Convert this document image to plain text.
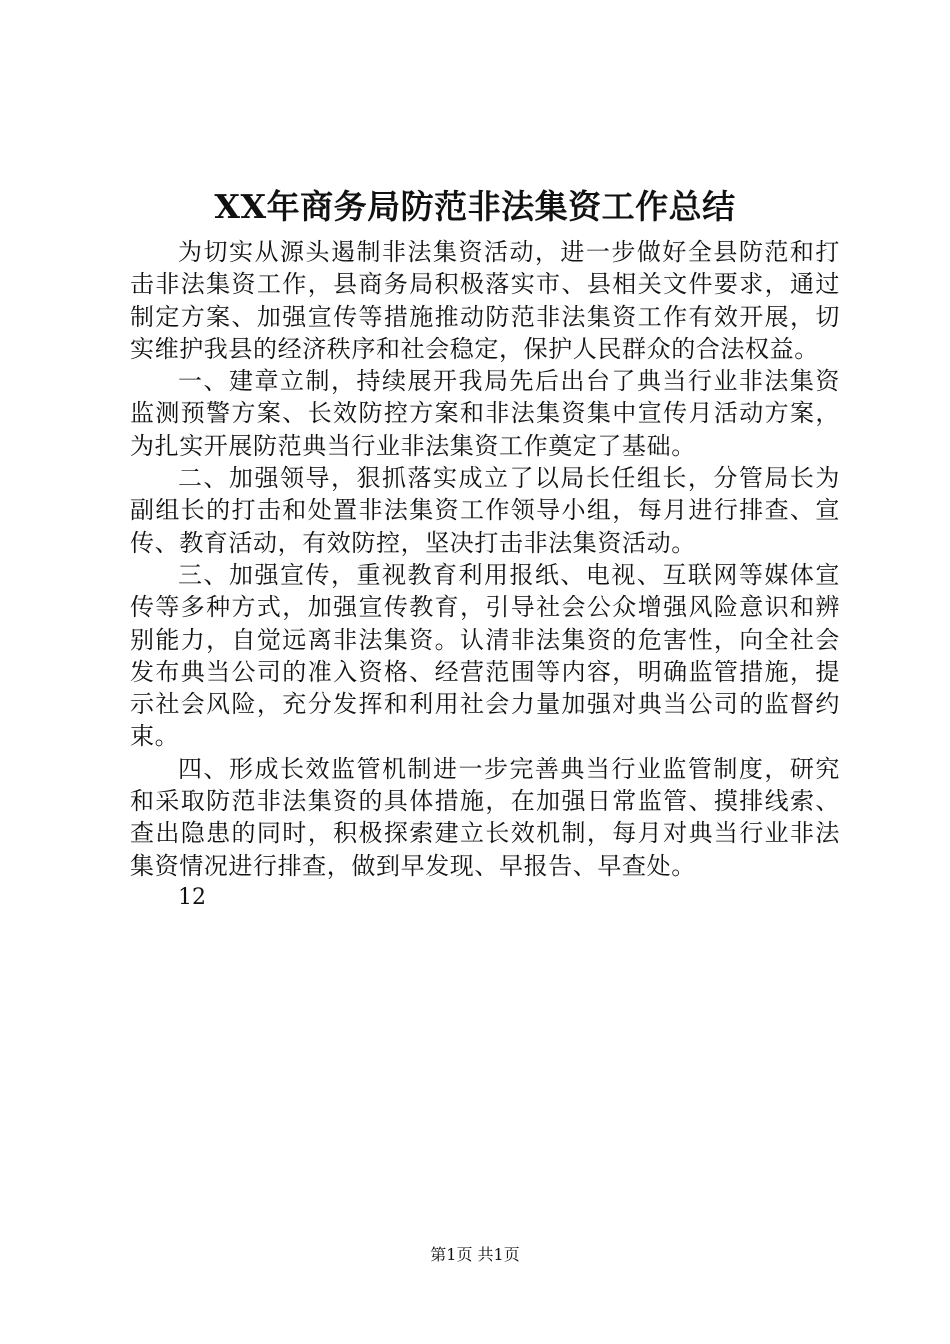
XX年商务局防范非法集资工作总结

为切实从源头遏制非法集资活动，进一步做好全县防范和打击非法集资工作，县商务局积极落实市、县相关文件要求，通过制定方案、加强宣传等措施推动防范非法集资工作有效开展，切实维护我县的经济秩序和社会稳定，保护人民群众的合法权益。

一、建章立制，持续展开我局先后出台了典当行业非法集资监测预警方案、长效防控方案和非法集资集中宣传月活动方案，为扎实开展防范典当行业非法集资工作奠定了基础。

二、加强领导，狠抓落实成立了以局长任组长，分管局长为副组长的打击和处置非法集资工作领导小组，每月进行排查、宣传、教育活动，有效防控，坚决打击非法集资活动。

三、加强宣传，重视教育利用报纸、电视、互联网等媒体宣传等多种方式，加强宣传教育，引导社会公众增强风险意识和辨别能力，自觉远离非法集资。认清非法集资的危害性，向全社会发布典当公司的准入资格、经营范围等内容，明确监管措施，提示社会风险，充分发挥和利用社会力量加强对典当公司的监督约束。

四、形成长效监管机制进一步完善典当行业监管制度，研究和采取防范非法集资的具体措施，在加强日常监管、摸排线索、查出隐患的同时，积极探索建立长效机制，每月对典当行业非法集资情况进行排查，做到早发现、早报告、早查处。

12

第1页 共1页
